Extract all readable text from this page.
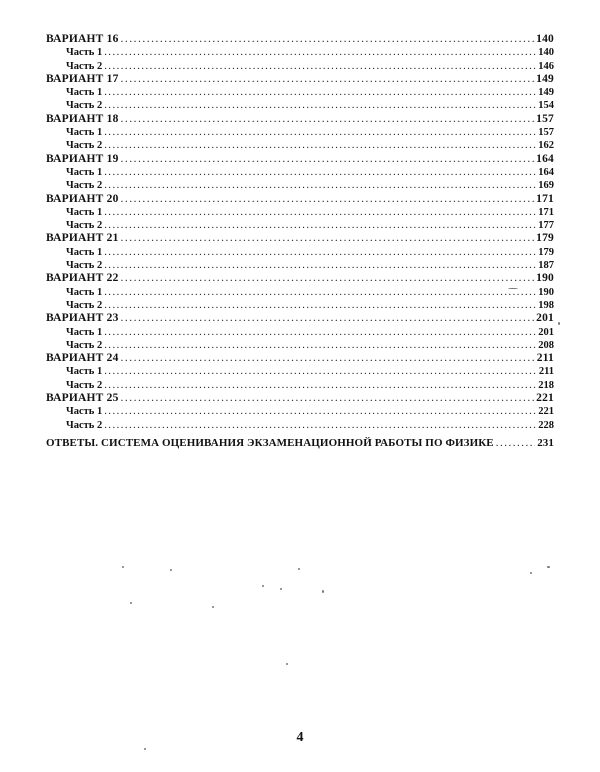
ВАРИАНТ 16 .....	140
Часть 1 .....	140
Часть 2 .....	146
ВАРИАНТ 17 .....	149
Часть 1 .....	149
Часть 2 .....	154
ВАРИАНТ 18 .....	157
Часть 1 .....	157
Часть 2 .....	162
ВАРИАНТ 19 .....	164
Часть 1 .....	164
Часть 2 .....	169
ВАРИАНТ 20 .....	171
Часть 1 .....	171
Часть 2 .....	177
ВАРИАНТ 21 .....	179
Часть 1 .....	179
Часть 2 .....	187
ВАРИАНТ 22 .....	190
Часть 1 .....	190
Часть 2 .....	198
ВАРИАНТ 23 .....	201
Часть 1 .....	201
Часть 2 .....	208
ВАРИАНТ 24 .....	211
Часть 1 .....	211
Часть 2 .....	218
ВАРИАНТ 25 .....	221
Часть 1 .....	221
Часть 2 .....	228
ОТВЕТЫ. СИСТЕМА ОЦЕНИВАНИЯ ЭКЗАМЕНАЦИОННОЙ РАБОТЫ ПО ФИЗИКЕ .....	231
4
